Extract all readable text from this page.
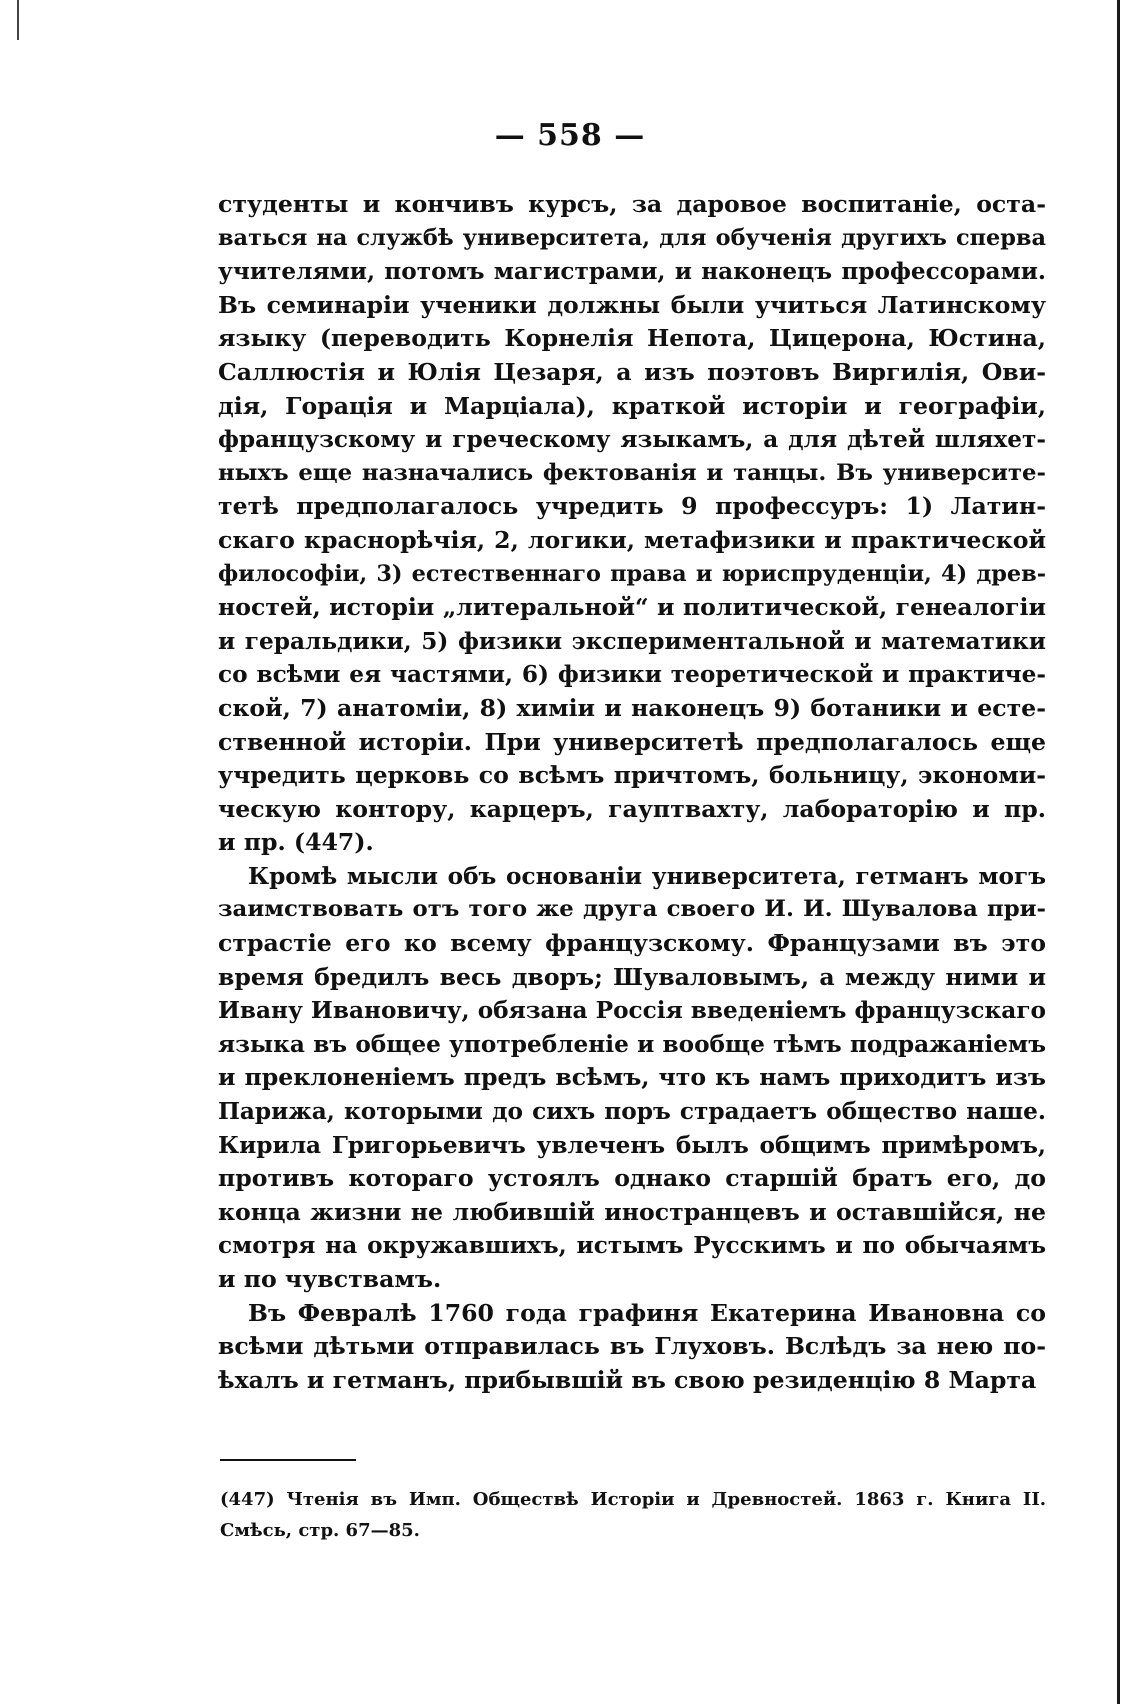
— 558 —
студенты и кончивъ курсъ, за даровое воспитаніе, оста-
ваться на службѣ университета, для обученія другихъ сперва
учителями, потомъ магистрами, и наконецъ профессорами.
Въ семинаріи ученики должны были учиться Латинскому
языку (переводить Корнелія Непота, Цицерона, Юстина,
Саллюстія и Юлія Цезаря, а изъ поэтовъ Виргилія, Ови-
дія, Горація и Марціала), краткой исторіи и географіи,
французскому и греческому языкамъ, а для дѣтей шляхет-
ныхъ еще назначались фектованія и танцы. Въ университе-
тетѣ предполагалось учредить 9 профессуръ: 1) Латин-
скаго краснорѣчія, 2, логики, метафизики и практической
философіи, 3) естественнаго права и юриспруденціи, 4) древ-
ностей, исторіи „литеральной“ и политической, генеалогіи
и геральдики, 5) физики экспериментальной и математики
со всѣми ея частями, 6) физики теоретической и практиче-
ской, 7) анатоміи, 8) химіи и наконецъ 9) ботаники и есте-
ственной исторіи. При университетѣ предполагалось еще
учредить церковь со всѣмъ причтомъ, больницу, экономи-
ческую контору, карцеръ, гауптвахту, лабораторію и пр.
и пр. (447).
Кромѣ мысли объ основаніи университета, гетманъ могъ
заимствовать отъ того же друга своего И. И. Шувалова при-
страстіе его ко всему французскому. Французами въ это
время бредилъ весь дворъ; Шуваловымъ, а между ними и
Ивану Ивановичу, обязана Россія введеніемъ французскаго
языка въ общее употребленіе и вообще тѣмъ подражаніемъ
и преклоненіемъ предъ всѣмъ, что къ намъ приходитъ изъ
Парижа, которыми до сихъ поръ страдаетъ общество наше.
Кирила Григорьевичъ увлеченъ былъ общимъ примѣромъ,
противъ котораго устоялъ однако старшій братъ его, до
конца жизни не любившій иностранцевъ и оставшійся, не
смотря на окружавшихъ, истымъ Русскимъ и по обычаямъ
и по чувствамъ.
Въ Февралѣ 1760 года графиня Екатерина Ивановна со
всѣми дѣтьми отправилась въ Глуховъ. Вслѣдъ за нею по-
ѣхалъ и гетманъ, прибывшій въ свою резиденцію 8 Марта
(447) Чтенія въ Имп. Обществѣ Исторіи и Древностей. 1863 г. Книга II.
Смѣсь, стр. 67—85.
